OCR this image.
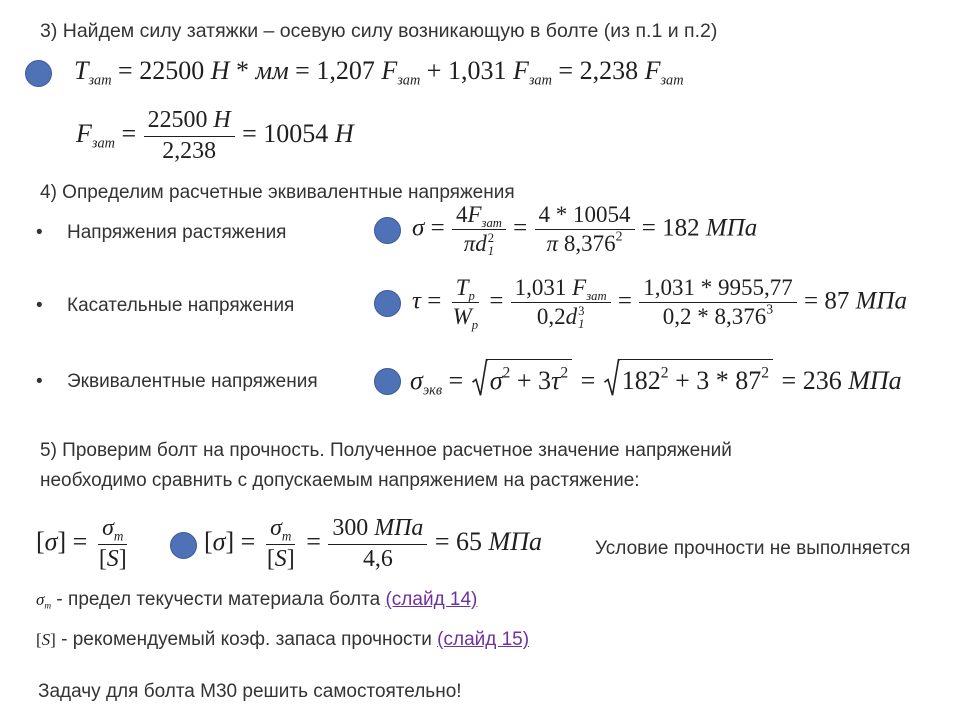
3) Найдем силу затяжки – осевую силу возникающую в болте (из п.1 и п.2)
$T_{зат} = 22500$ Н * мм = 1,207 $F_{зат} + 1,031$ $F_{зат} = 2,238$ $F_{зат}$
$F_{зат} = \frac{22500 Н}{2,238} = 10054$ Н
4) Определим расчетные эквивалентные напряжения
• Напряжения растяжения	$\sigma = 4F_{зат}$
πd 2
$1 = \frac{4 * 10054}{\pi 8,376^2} = 182$ МПа
• Касательные напряжения	$\tau = \frac{T_р}{W_р} = 1,031$ $F_{зат}$
0,2d 3
$1 = \frac{1,031 * 9955,77}{0,2 * 8,376^3} = 87$ МПа
• Эквивалентные напряжения	$\sigma_{экв}$ =
$\sigma^2 + 3\tau^2$ =
$182^2 + 3 * 87^2 = 236$ МПа
5) Проверим болт на прочность. Полученное расчетное значение напряжений
необходимо сравнить с допускаемым напряжением на растяжение:
$[\sigma] = \frac{\sigma_т}{[S]}$	$[\sigma] = \frac{\sigma_т}{[S]} = \frac{\text{300 МПа}}{4,6} = 65$ МПа	Условие прочности не выполняется
$\sigma_т$ - предел текучести материала болта (слайд 14)
[S] - рекомендуемый коэф. запаса прочности (слайд 15)
Задачу для болта М30 решить самостоятельно!
